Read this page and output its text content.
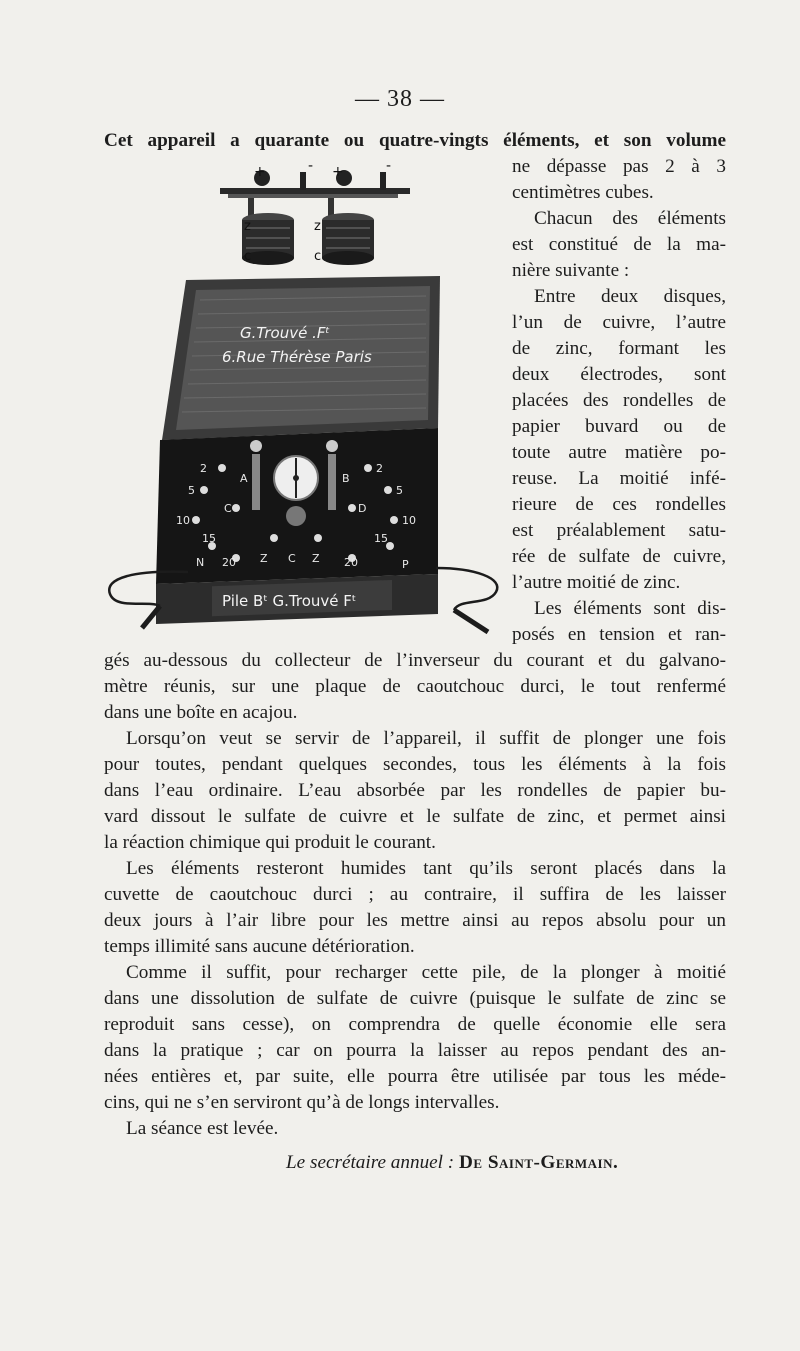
— 38 —
Cet appareil a quarante ou quatre-vingts éléments, et son volume
+	- +	-
z	z
c	c
G.Trouvé .Fᵗ
6.Rue Thérèse Paris
Pile Bᵗ G.Trouvé Fᵗ
2	2
5	5
10	10
15	15
20	20
N	Z C Z	P
A	B
C	D
ne dépasse pas 2 à 3
centimètres cubes.
Chacun des éléments
est constitué de la ma-
nière suivante :
Entre deux disques,
l’un de cuivre, l’autre
de zinc, formant les
deux électrodes, sont
placées des rondelles de
papier buvard ou de
toute autre matière po-
reuse. La moitié infé-
rieure de ces rondelles
est préalablement satu-
rée de sulfate de cuivre,
l’autre moitié de zinc.
Les éléments sont dis-
posés en tension et ran-
gés au-dessous du collecteur de l’inverseur du courant et du galvano-
mètre réunis, sur une plaque de caoutchouc durci, le tout renfermé
dans une boîte en acajou.
Lorsqu’on veut se servir de l’appareil, il suffit de plonger une fois
pour toutes, pendant quelques secondes, tous les éléments à la fois
dans l’eau ordinaire. L’eau absorbée par les rondelles de papier bu-
vard dissout le sulfate de cuivre et le sulfate de zinc, et permet ainsi
la réaction chimique qui produit le courant.
Les éléments resteront humides tant qu’ils seront placés dans la
cuvette de caoutchouc durci ; au contraire, il suffira de les laisser
deux jours à l’air libre pour les mettre ainsi au repos absolu pour un
temps illimité sans aucune détérioration.
Comme il suffit, pour recharger cette pile, de la plonger à moitié
dans une dissolution de sulfate de cuivre (puisque le sulfate de zinc se
reproduit sans cesse), on comprendra de quelle économie elle sera
dans la pratique ; car on pourra la laisser au repos pendant des an-
nées entières et, par suite, elle pourra être utilisée par tous les méde-
cins, qui ne s’en serviront qu’à de longs intervalles.
La séance est levée.
Le secrétaire annuel : De Saint-Germain.
